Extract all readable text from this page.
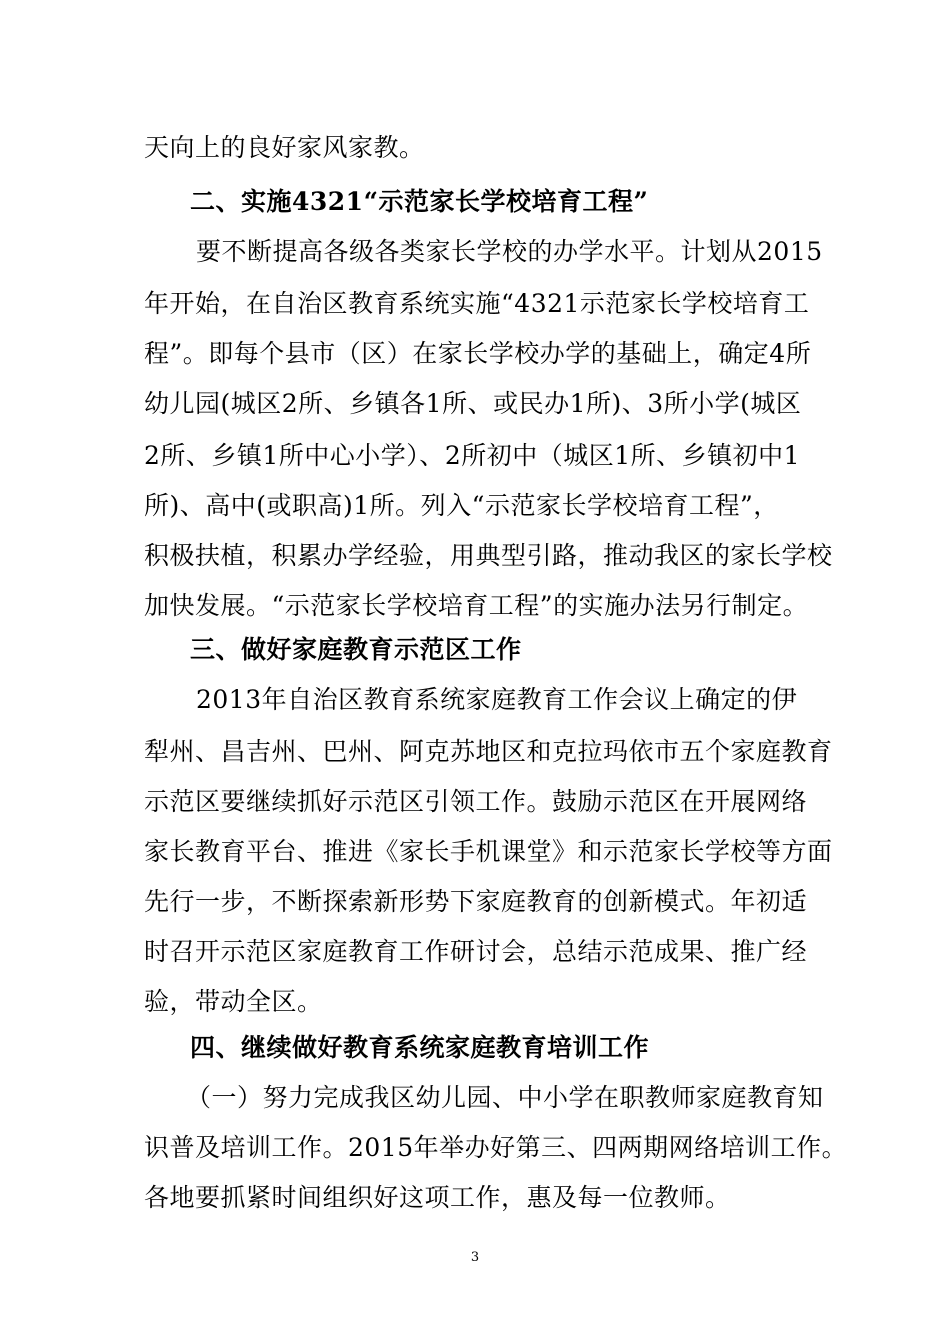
天向上的良好家风家教。
二、实施4321“示范家长学校培育工程”
要不断提高各级各类家长学校的办学水平。计划从2015
年开始，在自治区教育系统实施“4321示范家长学校培育工
程”。即每个县市（区）在家长学校办学的基础上，确定4所
幼儿园(城区2所、乡镇各1所、或民办1所)、3所小学(城区
2所、乡镇1所中心小学）、2所初中（城区1所、乡镇初中1
所)、高中(或职高)1所。列入“示范家长学校培育工程”，
积极扶植，积累办学经验，用典型引路，推动我区的家长学校
加快发展。“示范家长学校培育工程”的实施办法另行制定。
三、做好家庭教育示范区工作
2013年自治区教育系统家庭教育工作会议上确定的伊
犁州、昌吉州、巴州、阿克苏地区和克拉玛依市五个家庭教育
示范区要继续抓好示范区引领工作。鼓励示范区在开展网络
家长教育平台、推进《家长手机课堂》和示范家长学校等方面
先行一步，不断探索新形势下家庭教育的创新模式。年初适
时召开示范区家庭教育工作研讨会，总结示范成果、推广经
验，带动全区。
四、继续做好教育系统家庭教育培训工作
（一）努力完成我区幼儿园、中小学在职教师家庭教育知
识普及培训工作。2015年举办好第三、四两期网络培训工作。
各地要抓紧时间组织好这项工作，惠及每一位教师。
3
